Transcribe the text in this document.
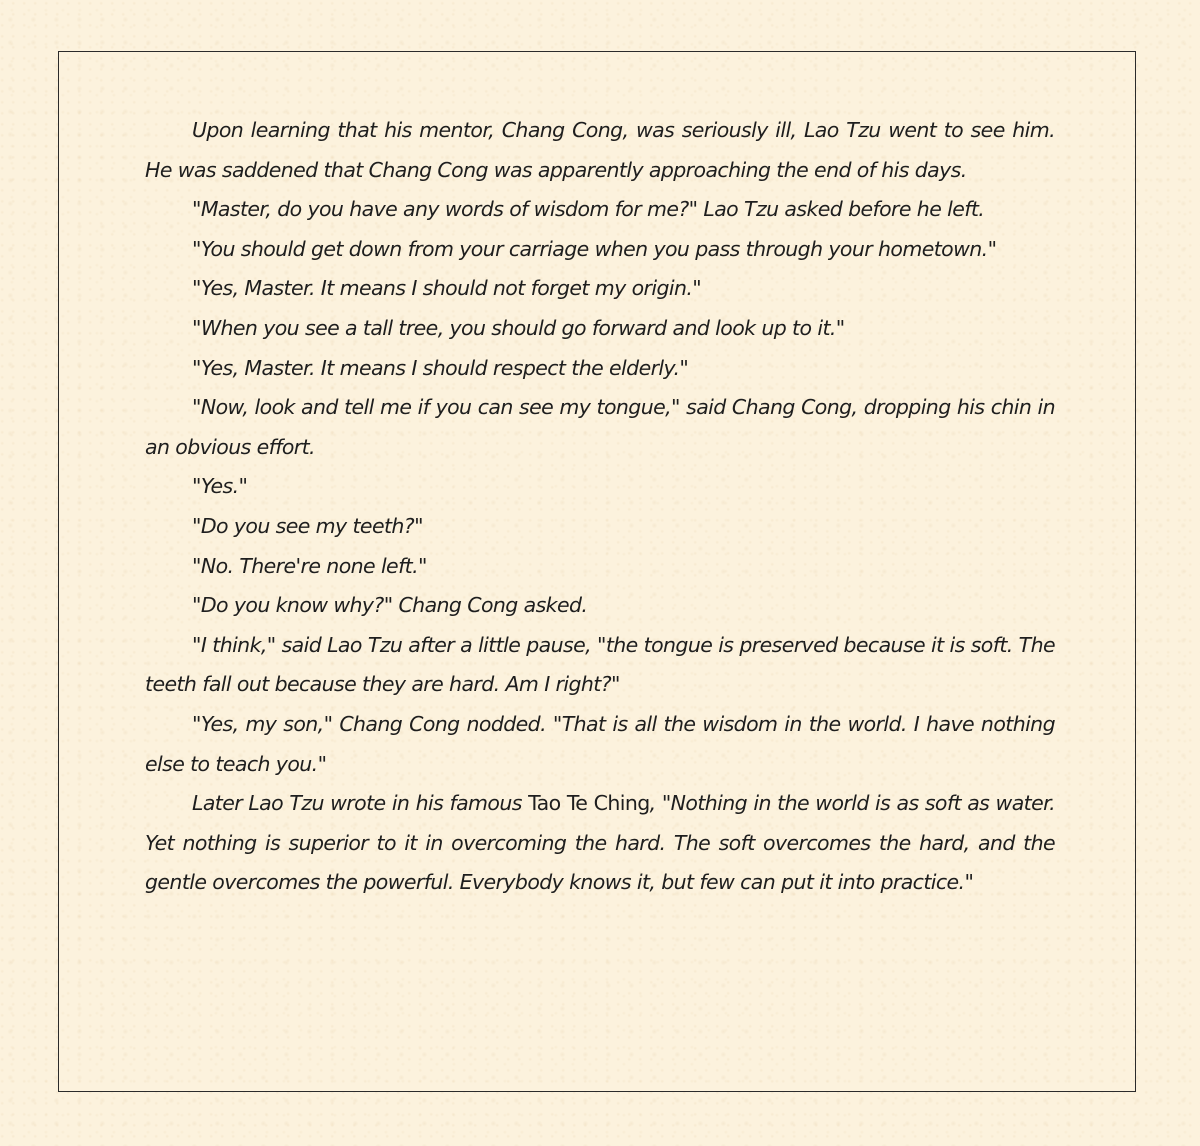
Upon learning that his mentor, Chang Cong, was seriously ill, Lao Tzu went to see him. He was saddened that Chang Cong was apparently approaching the end of his days.

"Master, do you have any words of wisdom for me?" Lao Tzu asked before he left.

"You should get down from your carriage when you pass through your hometown."

"Yes, Master. It means I should not forget my origin."

"When you see a tall tree, you should go forward and look up to it."

"Yes, Master. It means I should respect the elderly."

"Now, look and tell me if you can see my tongue," said Chang Cong, dropping his chin in an obvious effort.

"Yes."

"Do you see my teeth?"

"No. There're none left."

"Do you know why?" Chang Cong asked.

"I think," said Lao Tzu after a little pause, "the tongue is preserved because it is soft. The teeth fall out because they are hard. Am I right?"

"Yes, my son," Chang Cong nodded. "That is all the wisdom in the world. I have nothing else to teach you."

Later Lao Tzu wrote in his famous Tao Te Ching, "Nothing in the world is as soft as water. Yet nothing is superior to it in overcoming the hard. The soft overcomes the hard, and the gentle overcomes the powerful. Everybody knows it, but few can put it into practice."
